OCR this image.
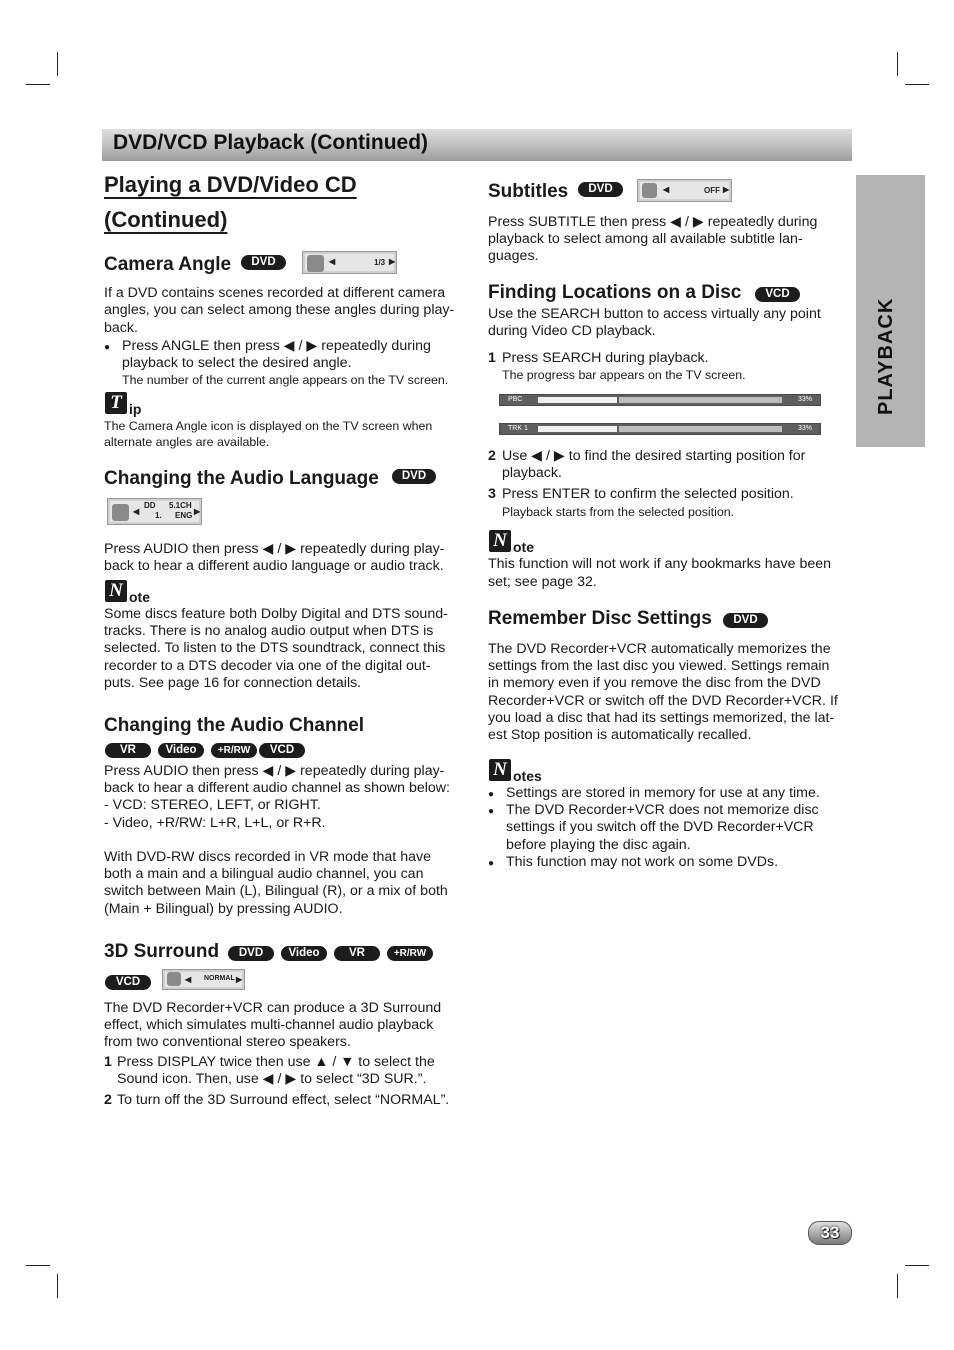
DVD/VCD Playback (Continued)
PLAYBACK
Playing a DVD/Video CD
(Continued)
Camera Angle	DVD	◀	1/3 ▶
If a DVD contains scenes recorded at different camera
angles, you can select among these angles during play-
back.
● Press ANGLE then press ◀ / ▶ repeatedly during
playback to select the desired angle.
The number of the current angle appears on the TV screen.
T ip
The Camera Angle icon is displayed on the TV screen when
alternate angles are available.
Changing the Audio Language	DVD
◀
DD 5.1CH
1. ENG ▶
Press AUDIO then press ◀ / ▶ repeatedly during play-
back to hear a different audio language or audio track.
N ote
Some discs feature both Dolby Digital and DTS sound-
tracks. There is no analog audio output when DTS is
selected. To listen to the DTS soundtrack, connect this
recorder to a DTS decoder via one of the digital out-
puts. See page 16 for connection details.
Changing the Audio Channel
VR	Video	+R/RW	VCD
Press AUDIO then press ◀ / ▶ repeatedly during play-
back to hear a different audio channel as shown below:
- VCD: STEREO, LEFT, or RIGHT.
- Video, +R/RW: L+R, L+L, or R+R.
With DVD-RW discs recorded in VR mode that have
both a main and a bilingual audio channel, you can
switch between Main (L), Bilingual (R), or a mix of both
(Main + Bilingual) by pressing AUDIO.
3D Surround	DVD	Video	VR	+R/RW
VCD	◀ NORMAL ▶
The DVD Recorder+VCR can produce a 3D Surround
effect, which simulates multi-channel audio playback
from two conventional stereo speakers.
1 Press DISPLAY twice then use ▲ / ▼ to select the
Sound icon. Then, use ◀ / ▶ to select “3D SUR.”.
2 To turn off the 3D Surround effect, select “NORMAL”.
Subtitles	DVD	◀	OFF ▶
Press SUBTITLE then press ◀ / ▶ repeatedly during
playback to select among all available subtitle lan-
guages.
Finding Locations on a Disc	VCD
Use the SEARCH button to access virtually any point
during Video CD playback.
1 Press SEARCH during playback.
The progress bar appears on the TV screen.
PBC	33%
TRK 1	33%
2 Use ◀ / ▶ to find the desired starting position for
playback.
3 Press ENTER to confirm the selected position.
Playback starts from the selected position.
N ote
This function will not work if any bookmarks have been
set; see page 32.
Remember Disc Settings	DVD
The DVD Recorder+VCR automatically memorizes the
settings from the last disc you viewed. Settings remain
in memory even if you remove the disc from the DVD
Recorder+VCR or switch off the DVD Recorder+VCR. If
you load a disc that had its settings memorized, the lat-
est Stop position is automatically recalled.
N otes
● Settings are stored in memory for use at any time.
● The DVD Recorder+VCR does not memorize disc
settings if you switch off the DVD Recorder+VCR
before playing the disc again.
● This function may not work on some DVDs.
33
